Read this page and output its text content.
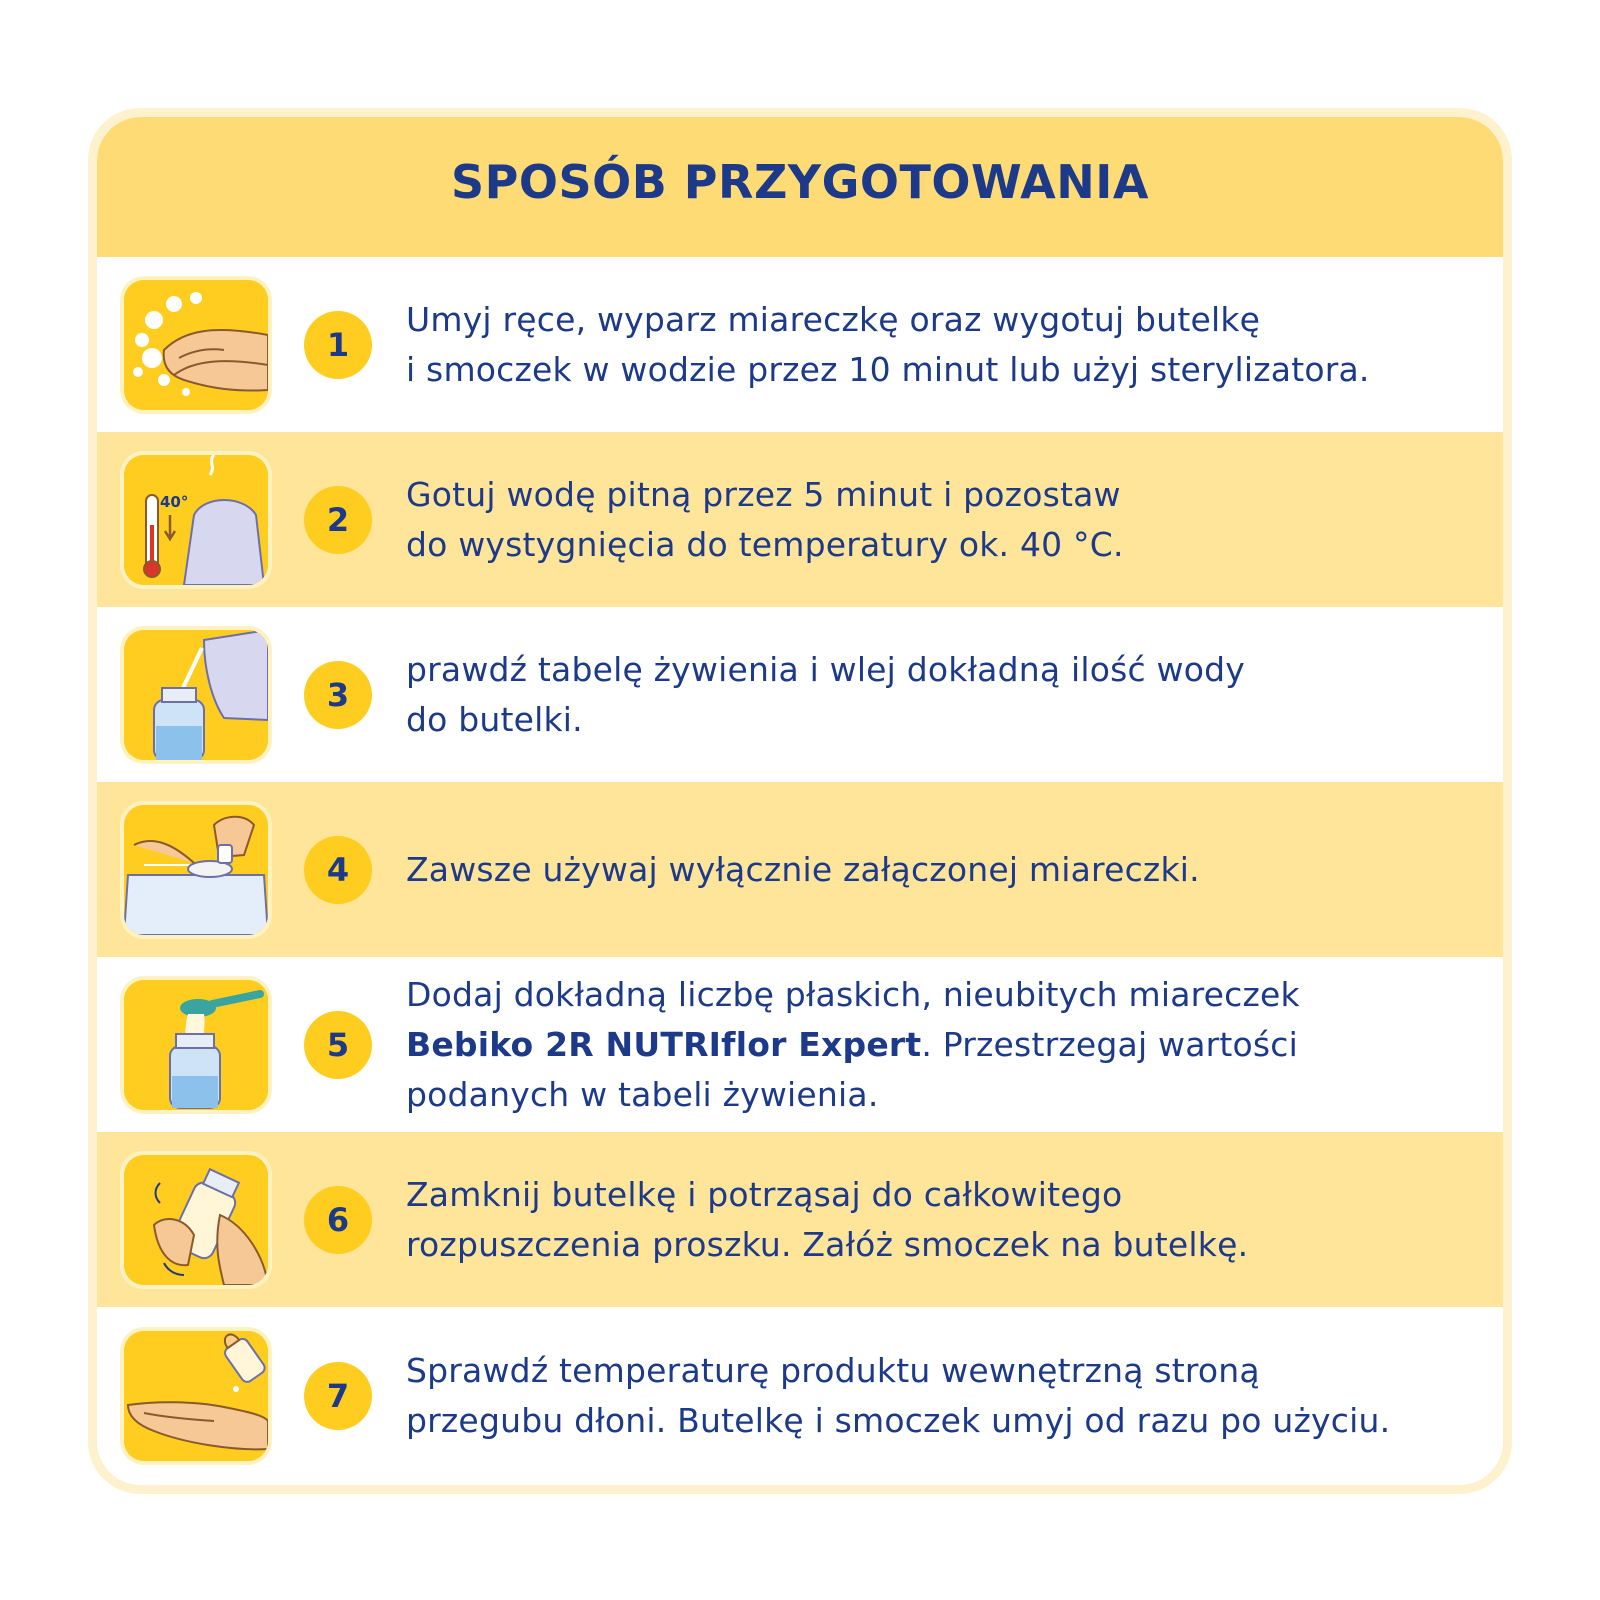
SPOSÓB PRZYGOTOWANIA
1
Umyj ręce, wyparz miareczkę oraz wygotuj butelkę
i smoczek w wodzie przez 10 minut lub użyj sterylizatora.
40°	2
Gotuj wodę pitną przez 5 minut i pozostaw
do wystygnięcia do temperatury ok. 40 °C.
3
prawdź tabelę żywienia i wlej dokładną ilość wody
do butelki.
4	Zawsze używaj wyłącznie załączonej miareczki.
5
Dodaj dokładną liczbę płaskich, nieubitych miareczek
Bebiko 2R NUTRIflor Expert. Przestrzegaj wartości
podanych w tabeli żywienia.
6
Zamknij butelkę i potrząsaj do całkowitego
rozpuszczenia proszku. Załóż smoczek na butelkę.
7
Sprawdź temperaturę produktu wewnętrzną stroną
przegubu dłoni. Butelkę i smoczek umyj od razu po użyciu.
